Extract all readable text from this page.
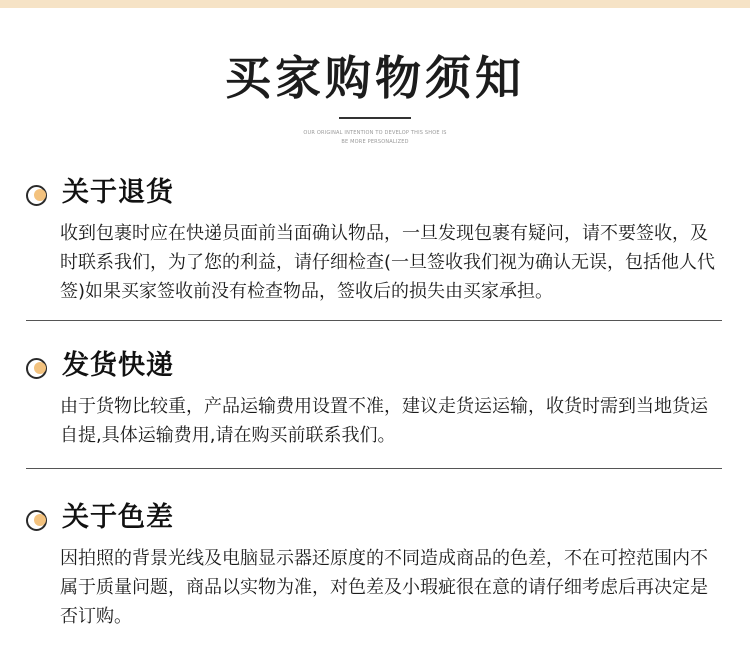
买家购物须知
OUR ORIGINAL INTENTION TO DEVELOP THIS SHOE IS
BE MORE PERSONALIZED
关于退货
收到包裹时应在快递员面前当面确认物品，一旦发现包裹有疑问，请不要签收，及时联系我们，为了您的利益，请仔细检查(一旦签收我们视为确认无误，包括他人代签)如果买家签收前没有检查物品，签收后的损失由买家承担。
发货快递
由于货物比较重，产品运输费用设置不准，建议走货运运输，收货时需到当地货运自提,具体运输费用,请在购买前联系我们。
关于色差
因拍照的背景光线及电脑显示器还原度的不同造成商品的色差，不在可控范围内不属于质量问题，商品以实物为准，对色差及小瑕疵很在意的请仔细考虑后再决定是否订购。
